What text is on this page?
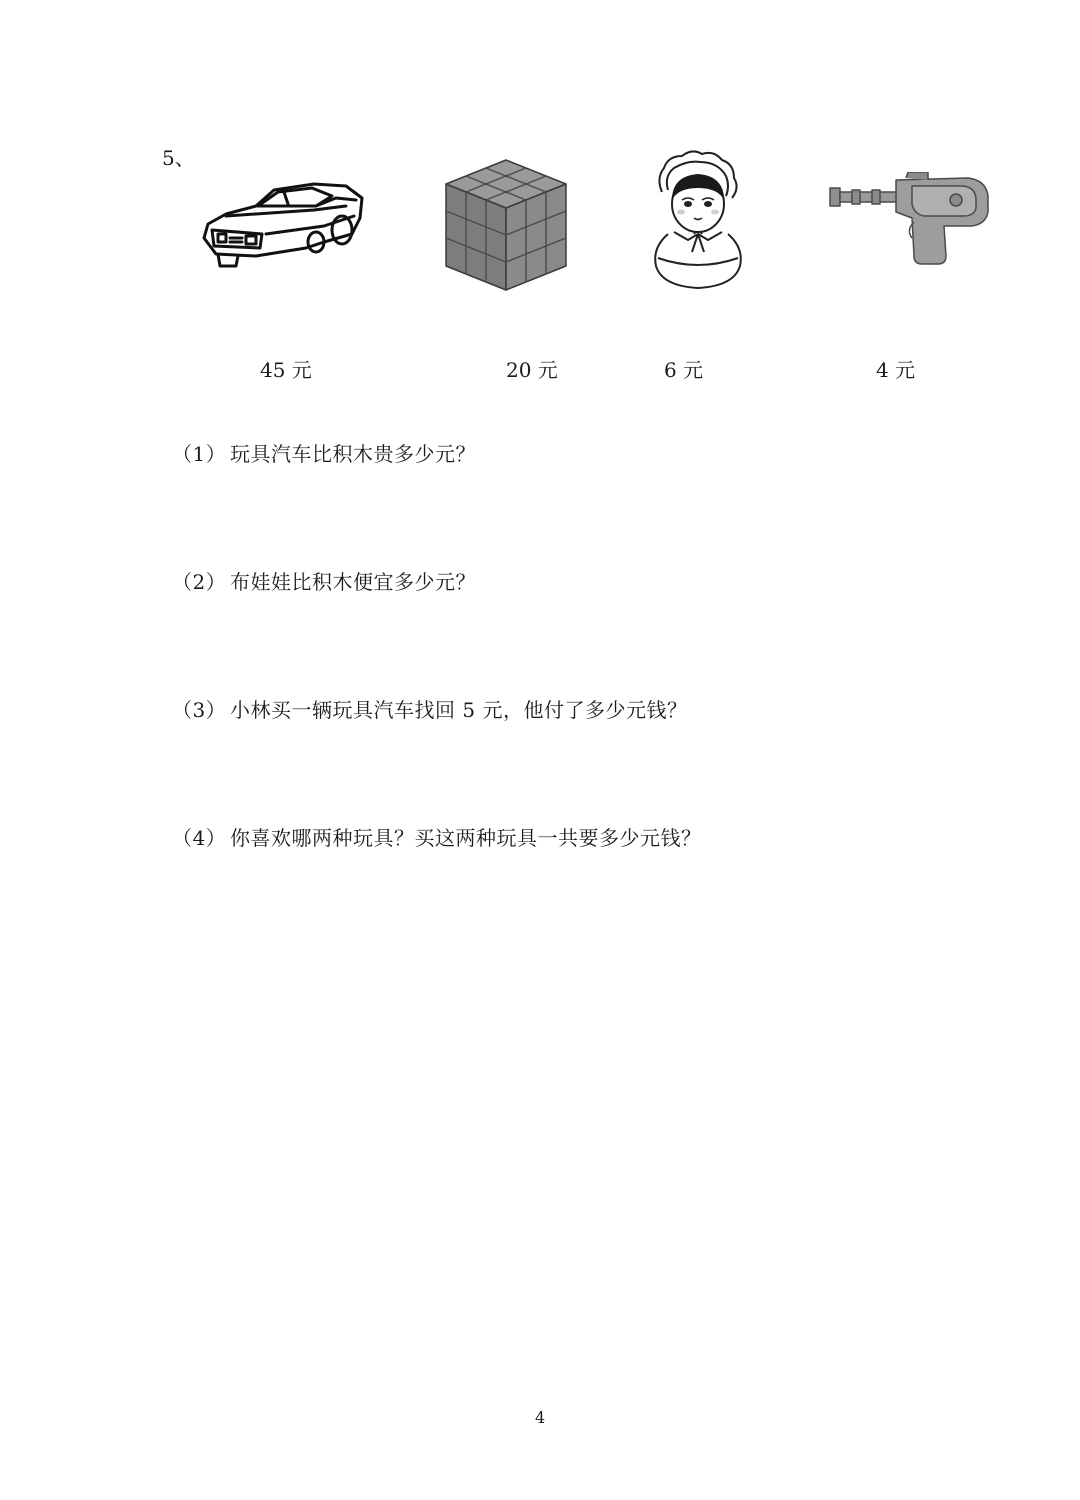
5、
45 元	20 元	6 元	4 元
（1） 玩具汽车比积木贵多少元？
（2） 布娃娃比积木便宜多少元？
（3） 小林买一辆玩具汽车找回 5 元，他付了多少元钱？
（4） 你喜欢哪两种玩具？买这两种玩具一共要多少元钱？
4
